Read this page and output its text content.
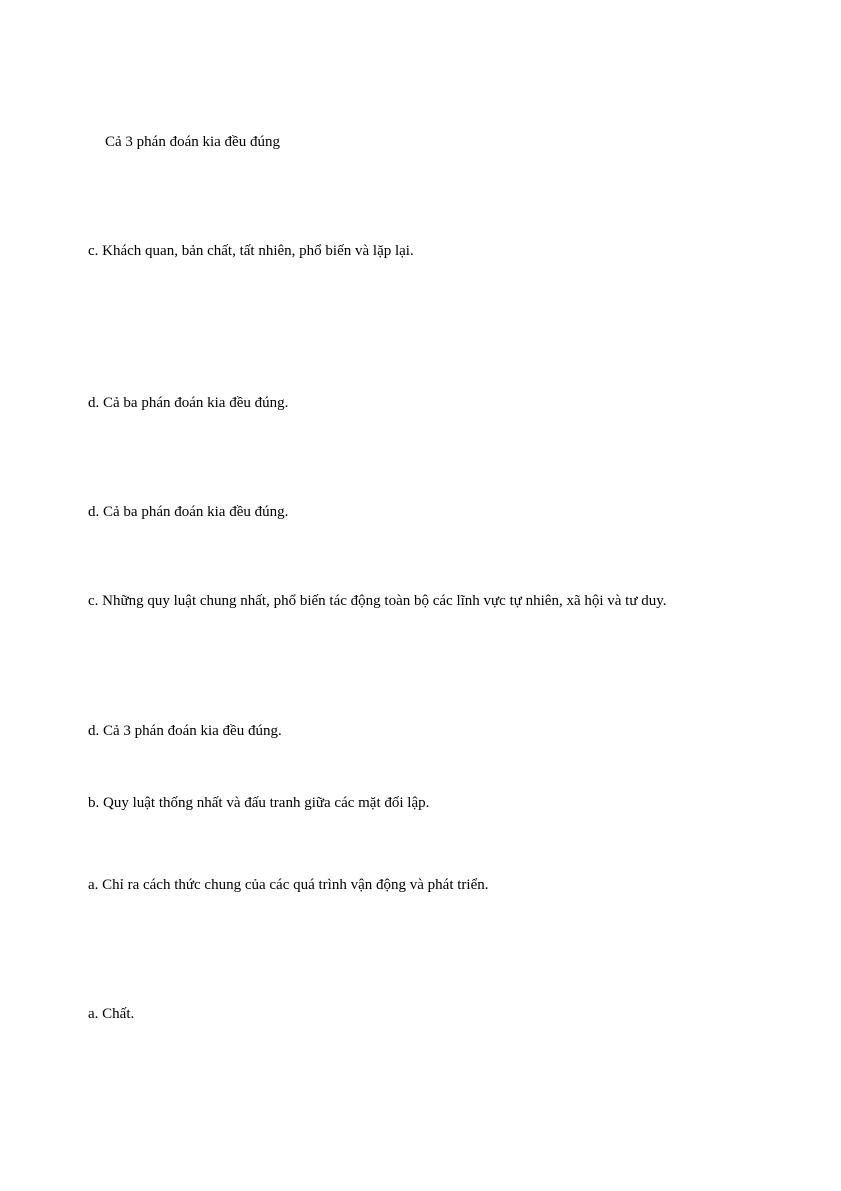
Cả 3 phán đoán kia đều đúng

c. Khách quan, bản chất, tất nhiên, phổ biến và lặp lại.

d. Cả ba phán đoán kia đều đúng.

d. Cả ba phán đoán kia đều đúng.

c. Những quy luật chung nhất, phổ biến tác động toàn bộ các lĩnh vực tự nhiên, xã hội và tư duy.

d. Cả 3 phán đoán kia đều đúng.

b. Quy luật thống nhất và đấu tranh giữa các mặt đối lập.

a. Chỉ ra cách thức chung của các quá trình vận động và phát triển.

a. Chất.
